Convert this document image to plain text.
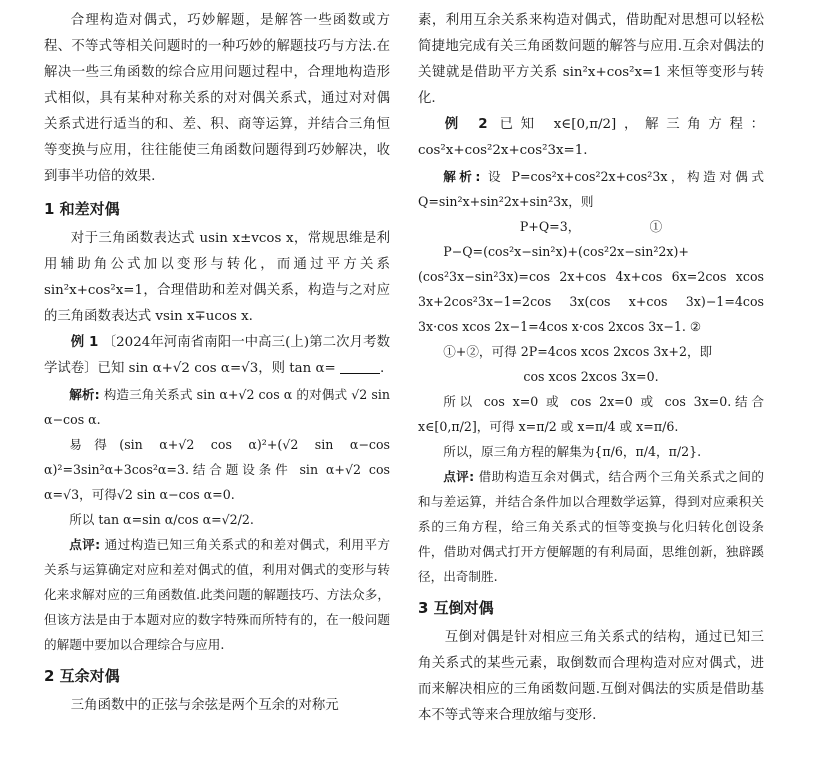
合理构造对偶式，巧妙解题，是解答一些函数或方程、不等式等相关问题时的一种巧妙的解题技巧与方法.在解决一些三角函数的综合应用问题过程中，合理地构造形式相似，具有某种对称关系的对对偶关系式，通过对对偶关系式进行适当的和、差、积、商等运算，并结合三角恒等变换与应用，往往能使三角函数问题得到巧妙解决，收到事半功倍的效果.

1 和差对偶

对于三角函数表达式 usin x±vcos x，常规思维是利用辅助角公式加以变形与转化，而通过平方关系 sin²x+cos²x=1，合理借助和差对偶关系，构造与之对应的三角函数表达式 vsin x∓ucos x.

例 1 〔2024年河南省南阳一中高三(上)第二次月考数学试卷〕已知 sin α+√2 cos α=√3，则 tan α=	.

解析: 构造三角关系式 sin α+√2 cos α 的对偶式 √2 sin α−cos α.

易得(sin α+√2 cos α)²+(√2 sin α−cos α)²=3sin²α+3cos²α=3.结合题设条件 sin α+√2 cos α=√3，可得√2 sin α−cos α=0.

所以 tan α=sin α/cos α=√2/2.

点评: 通过构造已知三角关系式的和差对偶式，利用平方关系与运算确定对应和差对偶式的值，利用对偶式的变形与转化来求解对应的三角函数值.此类问题的解题技巧、方法众多，但该方法是由于本题对应的数字特殊而所特有的，在一般问题的解题中要加以合理综合与应用.

2 互余对偶

三角函数中的正弦与余弦是两个互余的对称元

素，利用互余关系来构造对偶式，借助配对思想可以轻松简捷地完成有关三角函数问题的解答与应用.互余对偶法的关键就是借助平方关系 sin²x+cos²x=1 来恒等变形与转化.

例 2 已知 x∈[0,π/2]，解三角方程：cos²x+cos²2x+cos²3x=1.

解析: 设 P=cos²x+cos²2x+cos²3x，构造对偶式 Q=sin²x+sin²2x+sin²3x，则

P+Q=3，　　　　　　①

P−Q=(cos²x−sin²x)+(cos²2x−sin²2x)+(cos²3x−sin²3x)=cos 2x+cos 4x+cos 6x=2cos xcos 3x+2cos²3x−1=2cos 3x(cos x+cos 3x)−1=4cos 3x·cos xcos 2x−1=4cos x·cos 2xcos 3x−1. ②

①+②，可得 2P=4cos xcos 2xcos 3x+2，即

cos xcos 2xcos 3x=0.

所以 cos x=0 或 cos 2x=0 或 cos 3x=0.结合 x∈[0,π/2]，可得 x=π/2 或 x=π/4 或 x=π/6.

所以，原三角方程的解集为{π/6，π/4，π/2}.

点评: 借助构造互余对偶式，结合两个三角关系式之间的和与差运算，并结合条件加以合理数学运算，得到对应乘积关系的三角方程，给三角关系式的恒等变换与化归转化创设条件，借助对偶式打开方便解题的有利局面，思维创新，独辟蹊径，出奇制胜.

3 互倒对偶

互倒对偶是针对相应三角关系式的结构，通过已知三角关系式的某些元素，取倒数而合理构造对应对偶式，进而来解决相应的三角函数问题.互倒对偶法的实质是借助基本不等式等来合理放缩与变形.
